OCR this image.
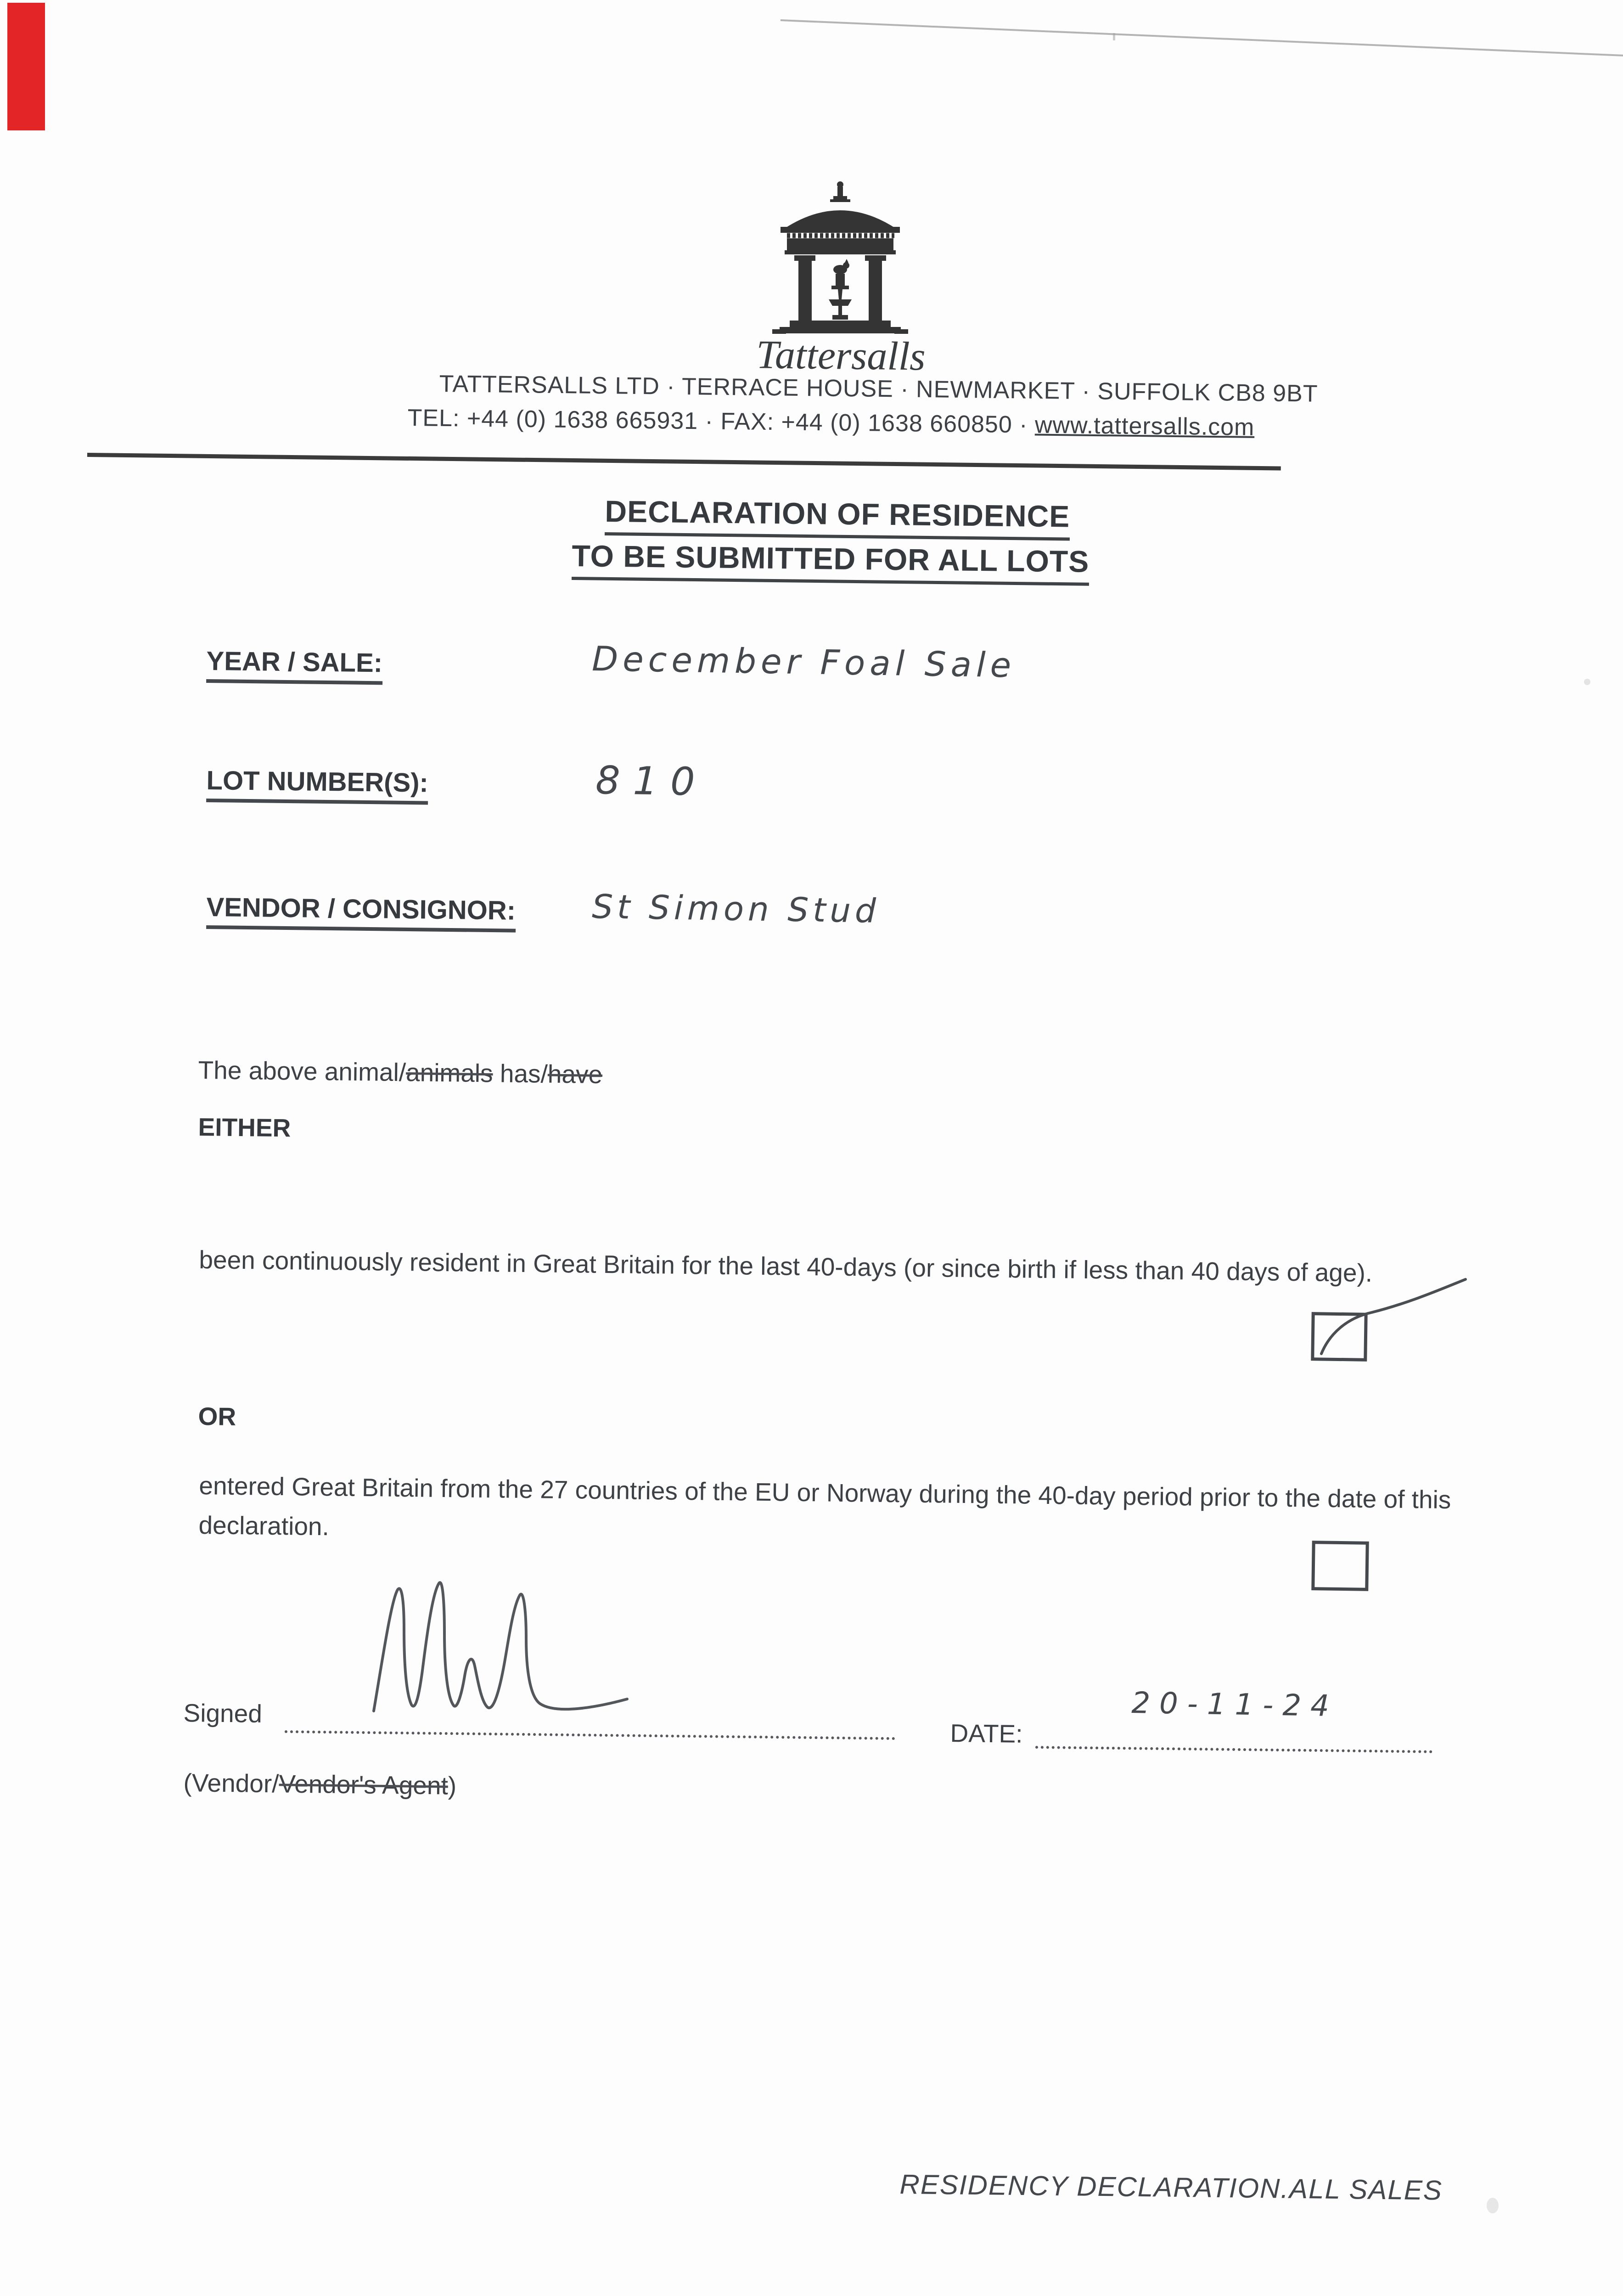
Tattersalls
TATTERSALLS LTD · TERRACE HOUSE · NEWMARKET · SUFFOLK CB8 9BT
TEL: +44 (0) 1638 665931 · FAX: +44 (0) 1638 660850 · www.tattersalls.com
DECLARATION OF RESIDENCE
TO BE SUBMITTED FOR ALL LOTS
YEAR / SALE:	December Foal Sale
LOT NUMBER(S):	810
VENDOR / CONSIGNOR: St Simon Stud
The above animal/animals has/have
EITHER
been continuously resident in Great Britain for the last 40-days (or since birth if less than 40 days of age).
OR
entered Great Britain from the 27 countries of the EU or Norway during the 40-day period prior to the date of this declaration.
Signed
DATE:
20-11-24
(Vendor/Vendor's Agent)
RESIDENCY DECLARATION.ALL SALES
